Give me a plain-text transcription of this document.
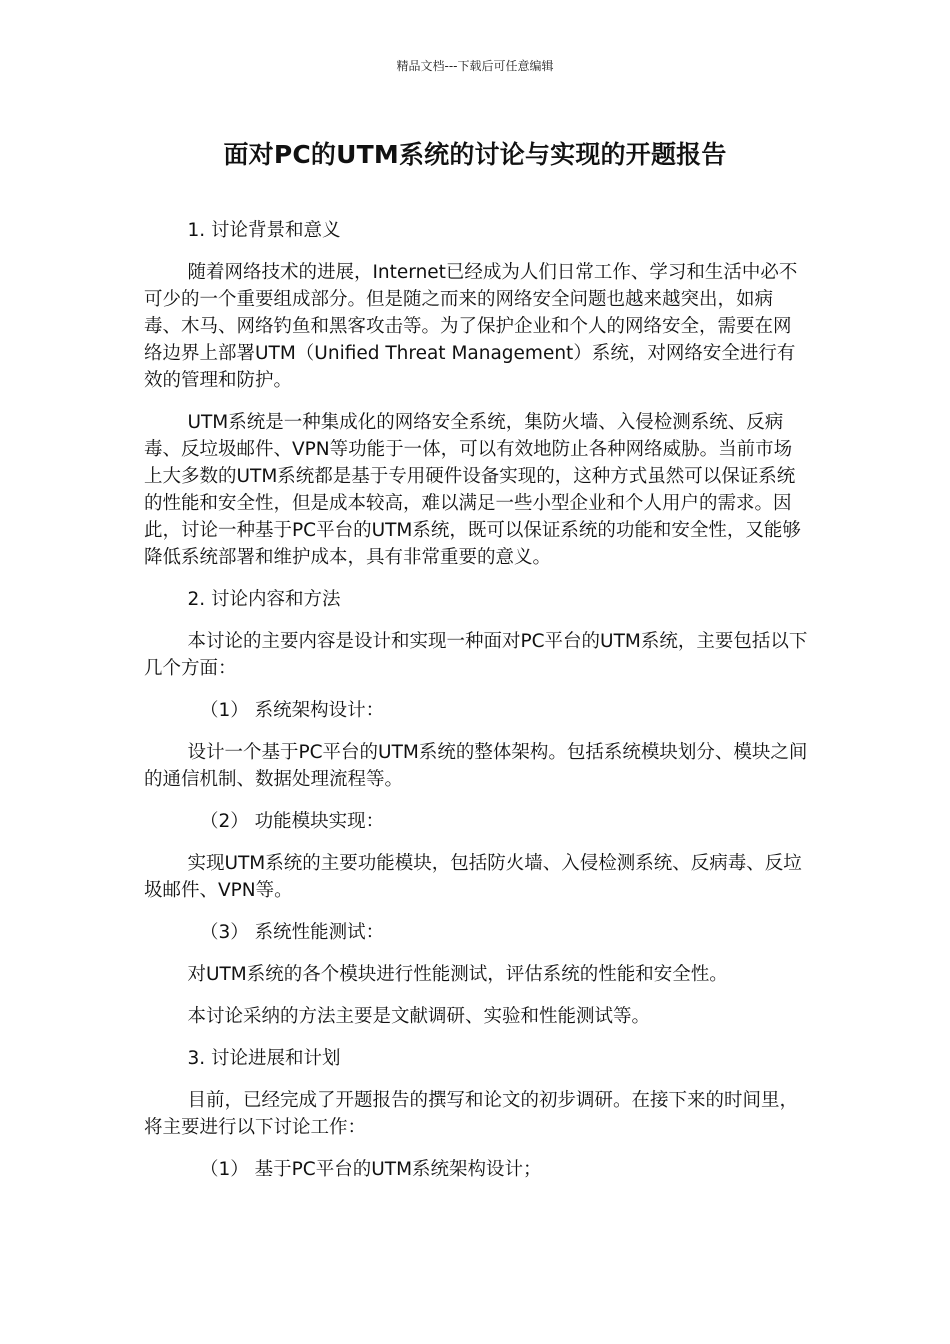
精品文档---下载后可任意编辑
面对PC的UTM系统的讨论与实现的开题报告

1. 讨论背景和意义

随着网络技术的进展，Internet已经成为人们日常工作、学习和生活中必不可少的一个重要组成部分。但是随之而来的网络安全问题也越来越突出，如病毒、木马、网络钓鱼和黑客攻击等。为了保护企业和个人的网络安全，需要在网络边界上部署UTM（Unified Threat Management）系统，对网络安全进行有效的管理和防护。

UTM系统是一种集成化的网络安全系统，集防火墙、入侵检测系统、反病毒、反垃圾邮件、VPN等功能于一体，可以有效地防止各种网络威胁。当前市场上大多数的UTM系统都是基于专用硬件设备实现的，这种方式虽然可以保证系统的性能和安全性，但是成本较高，难以满足一些小型企业和个人用户的需求。因此，讨论一种基于PC平台的UTM系统，既可以保证系统的功能和安全性，又能够降低系统部署和维护成本，具有非常重要的意义。

2. 讨论内容和方法

本讨论的主要内容是设计和实现一种面对PC平台的UTM系统，主要包括以下几个方面：

（1） 系统架构设计：

设计一个基于PC平台的UTM系统的整体架构。包括系统模块划分、模块之间的通信机制、数据处理流程等。

（2） 功能模块实现：

实现UTM系统的主要功能模块，包括防火墙、入侵检测系统、反病毒、反垃圾邮件、VPN等。

（3） 系统性能测试：

对UTM系统的各个模块进行性能测试，评估系统的性能和安全性。

本讨论采纳的方法主要是文献调研、实验和性能测试等。

3. 讨论进展和计划

目前，已经完成了开题报告的撰写和论文的初步调研。在接下来的时间里，将主要进行以下讨论工作：

（1） 基于PC平台的UTM系统架构设计；
